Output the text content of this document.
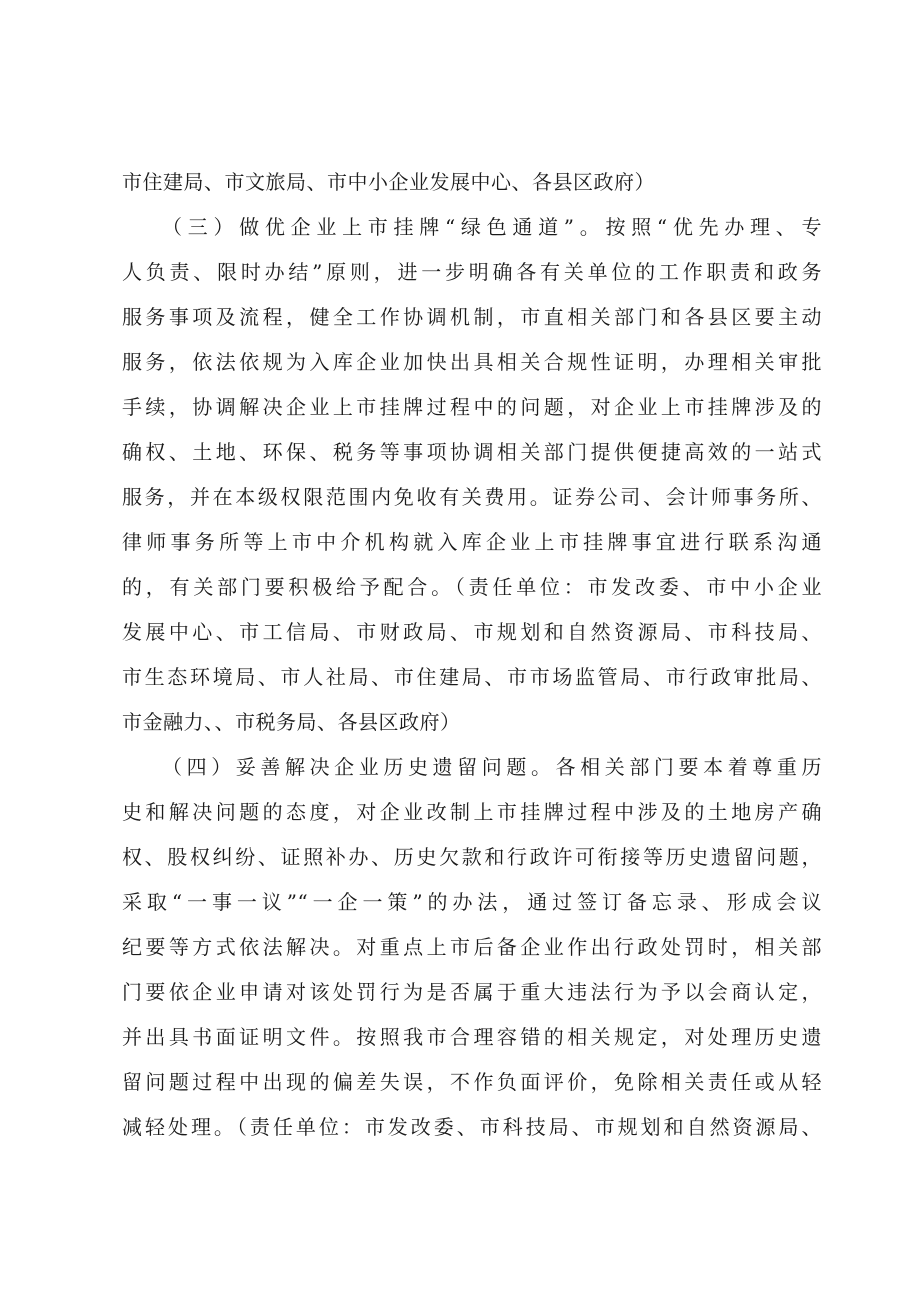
市住建局、市文旅局、市中小企业发展中心、各县区政府）
（三）做优企业上市挂牌“绿色通道”。按照“优先办理、专
人负责、限时办结”原则，进一步明确各有关单位的工作职责和政务
服务事项及流程，健全工作协调机制，市直相关部门和各县区要主动
服务，依法依规为入库企业加快出具相关合规性证明，办理相关审批
手续，协调解决企业上市挂牌过程中的问题，对企业上市挂牌涉及的
确权、土地、环保、税务等事项协调相关部门提供便捷高效的一站式
服务，并在本级权限范围内免收有关费用。证券公司、会计师事务所、
律师事务所等上市中介机构就入库企业上市挂牌事宜进行联系沟通
的，有关部门要积极给予配合。（责任单位：市发改委、市中小企业
发展中心、市工信局、市财政局、市规划和自然资源局、市科技局、
市生态环境局、市人社局、市住建局、市市场监管局、市行政审批局、
市金融力、、市税务局、各县区政府）
（四）妥善解决企业历史遗留问题。各相关部门要本着尊重历
史和解决问题的态度，对企业改制上市挂牌过程中涉及的土地房产确
权、股权纠纷、证照补办、历史欠款和行政许可衔接等历史遗留问题，
采取“一事一议”“一企一策”的办法，通过签订备忘录、形成会议
纪要等方式依法解决。对重点上市后备企业作出行政处罚时，相关部
门要依企业申请对该处罚行为是否属于重大违法行为予以会商认定，
并出具书面证明文件。按照我市合理容错的相关规定，对处理历史遗
留问题过程中出现的偏差失误，不作负面评价，免除相关责任或从轻
减轻处理。（责任单位：市发改委、市科技局、市规划和自然资源局、
